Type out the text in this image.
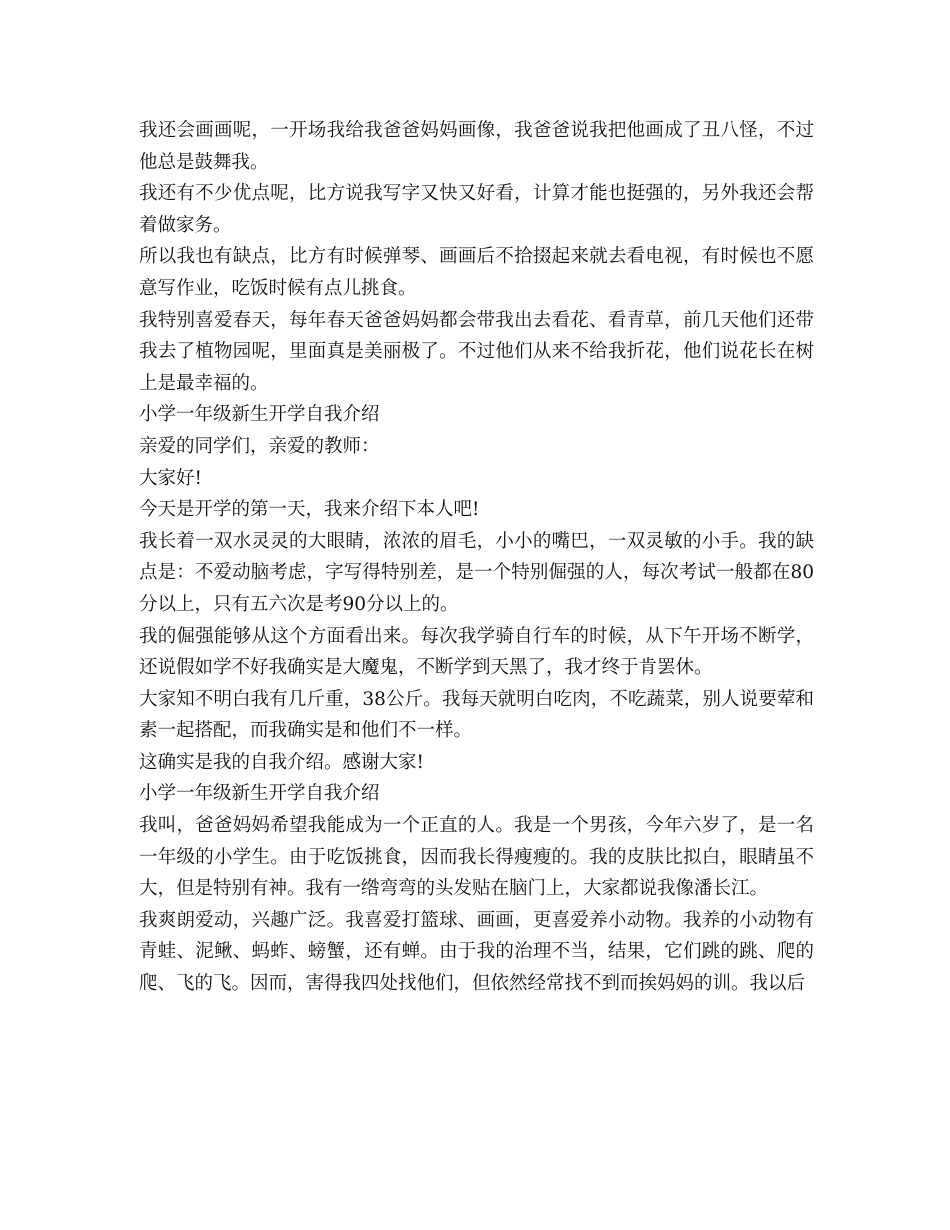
我还会画画呢，一开场我给我爸爸妈妈画像，我爸爸说我把他画成了丑八怪，不过他总是鼓舞我。

我还有不少优点呢，比方说我写字又快又好看，计算才能也挺强的，另外我还会帮着做家务。

所以我也有缺点，比方有时候弹琴、画画后不拾掇起来就去看电视，有时候也不愿意写作业，吃饭时候有点儿挑食。

我特别喜爱春天，每年春天爸爸妈妈都会带我出去看花、看青草，前几天他们还带我去了植物园呢，里面真是美丽极了。不过他们从来不给我折花，他们说花长在树上是最幸福的。

小学一年级新生开学自我介绍

亲爱的同学们，亲爱的教师：

大家好!

今天是开学的第一天，我来介绍下本人吧!

我长着一双水灵灵的大眼睛，浓浓的眉毛，小小的嘴巴，一双灵敏的小手。我的缺点是：不爱动脑考虑，字写得特别差，是一个特别倔强的人，每次考试一般都在80分以上，只有五六次是考90分以上的。

我的倔强能够从这个方面看出来。每次我学骑自行车的时候，从下午开场不断学，还说假如学不好我确实是大魔鬼，不断学到天黑了，我才终于肯罢休。

大家知不明白我有几斤重，38公斤。我每天就明白吃肉，不吃蔬菜，别人说要荤和素一起搭配，而我确实是和他们不一样。

这确实是我的自我介绍。感谢大家!

小学一年级新生开学自我介绍

我叫，爸爸妈妈希望我能成为一个正直的人。我是一个男孩，今年六岁了，是一名一年级的小学生。由于吃饭挑食，因而我长得瘦瘦的。我的皮肤比拟白，眼睛虽不大，但是特别有神。我有一绺弯弯的头发贴在脑门上，大家都说我像潘长江。

我爽朗爱动，兴趣广泛。我喜爱打篮球、画画，更喜爱养小动物。我养的小动物有青蛙、泥鳅、蚂蚱、螃蟹，还有蝉。由于我的治理不当，结果，它们跳的跳、爬的爬、飞的飞。因而，害得我四处找他们，但依然经常找不到而挨妈妈的训。我以后
